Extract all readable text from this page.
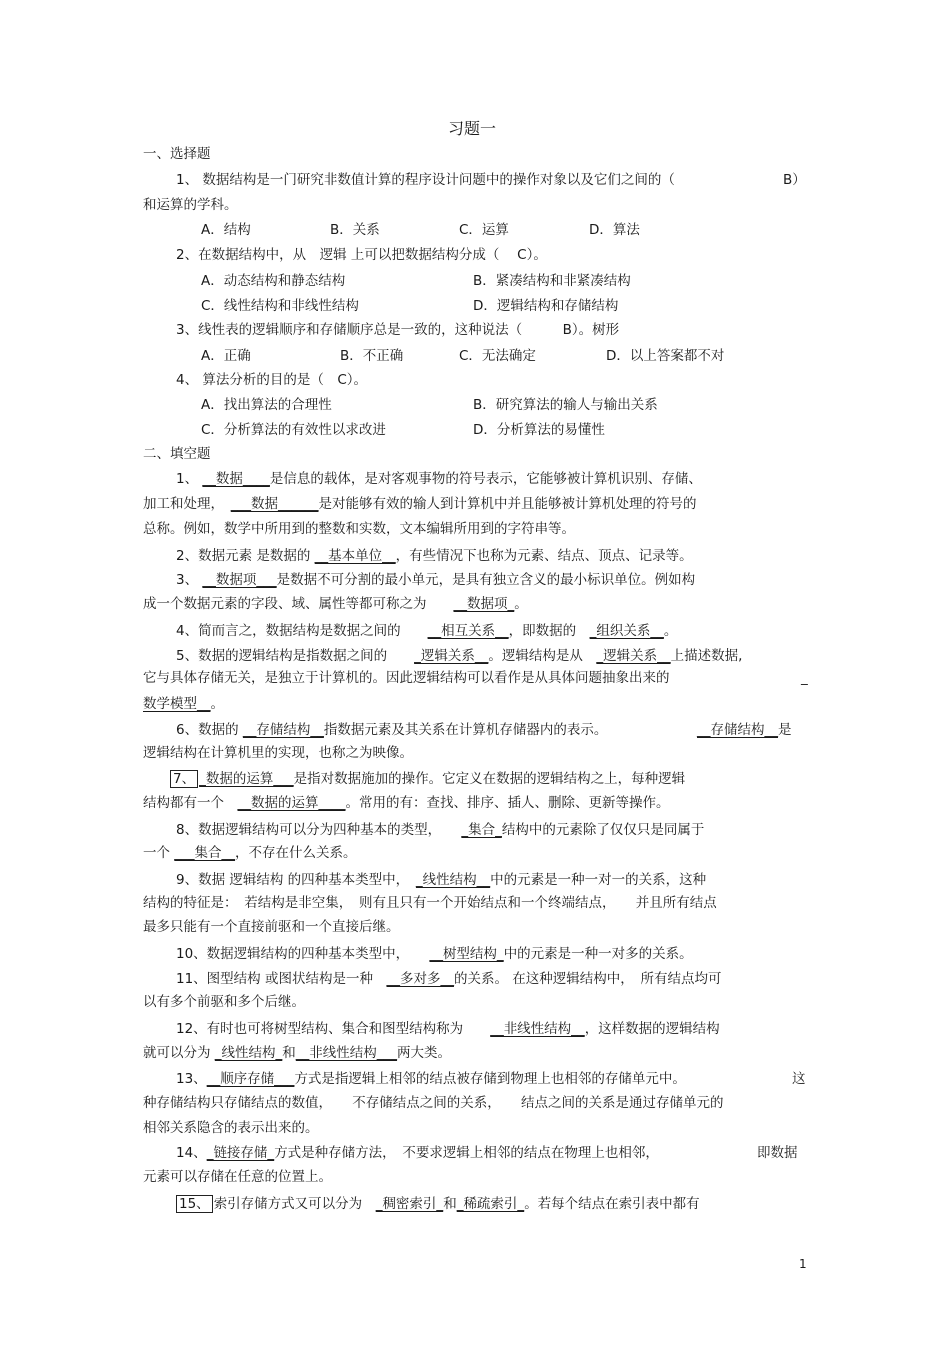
习题一
一、选择题
1、 数据结构是一门研究非数值计算的程序设计问题中的操作对象以及它们之间的（	B）
和运算的学科。
A．结构	B．关系	C．运算	D．算法
2、在数据结构中，从　逻辑 上可以把数据结构分成（　 C）。
A．动态结构和静态结构	B．紧凑结构和非紧凑结构
C．线性结构和非线性结构	D．逻辑结构和存储结构
3、线性表的逻辑顺序和存储顺序总是一致的，这种说法（　　　B）。树形
A．正确	B．不正确	C．无法确定	D．以上答案都不对
4、 算法分析的目的是（　C）。
A．找出算法的合理性	B．研究算法的输人与输出关系
C．分析算法的有效性以求改进	D．分析算法的易懂性
二、填空题
1、 __数据____是信息的载体，是对客观事物的符号表示，它能够被计算机识别、存储、
加工和处理，　___数据______是对能够有效的输人到计算机中并且能够被计算机处理的符号的
总称。例如，数学中所用到的整数和实数，文本编辑所用到的字符串等。
2、数据元素 是数据的 __基本单位__，有些情况下也称为元素、结点、顶点、记录等。
3、 __数据项___是数据不可分割的最小单元，是具有独立含义的最小标识单位。例如构
成一个数据元素的字段、域、属性等都可称之为　　__数据项_。
4、简而言之，数据结构是数据之间的　　__相互关系__，即数据的　_组织关系__。
5、数据的逻辑结构是指数据之间的　　_逻辑关系__。逻辑结构是从　_逻辑关系__上描述数据,
它与具体存储无关，是独立于计算机的。因此逻辑结构可以看作是从具体问题抽象出来的	_
数学模型__。
6、数据的 __存储结构__指数据元素及其关系在计算机存储器内的表示。	__存储结构__是
逻辑结构在计算机里的实现，也称之为映像。
7、 _数据的运算___是指对数据施加的操作。它定义在数据的逻辑结构之上，每种逻辑
结构都有一个　__数据的运算____。常用的有：查找、排序、插人、删除、更新等操作。
8、数据逻辑结构可以分为四种基本的类型，　　_集合_结构中的元素除了仅仅只是同属于
一个 ___集合__，不存在什么关系。
9、数据 逻辑结构 的四种基本类型中，　_线性结构__中的元素是一种一对一的关系，这种
结构的特征是：　若结构是非空集，　则有且只有一个开始结点和一个终端结点，　　并且所有结点
最多只能有一个直接前驱和一个直接后继。
10、数据逻辑结构的四种基本类型中，　　__树型结构_中的元素是一种一对多的关系。
11、图型结构 或图状结构是一种　__多对多__的关系。 在这种逻辑结构中，　所有结点均可
以有多个前驱和多个后继。
12、有时也可将树型结构、集合和图型结构称为　　__非线性结构__，这样数据的逻辑结构
就可以分为 _线性结构_和__非线性结构___两大类。
13、__顺序存储___方式是指逻辑上相邻的结点被存储到物理上也相邻的存储单元中。	这
种存储结构只存储结点的数值，　　不存储结点之间的关系，　　结点之间的关系是通过存储单元的
相邻关系隐含的表示出来的。
14、_链接存储_方式是种存储方法，　不要求逻辑上相邻的结点在物理上也相邻，	即数据
元素可以存储在任意的位置上。
15、 索引存储方式又可以分为　_稠密索引_和_稀疏索引_。若每个结点在索引表中都有
1
